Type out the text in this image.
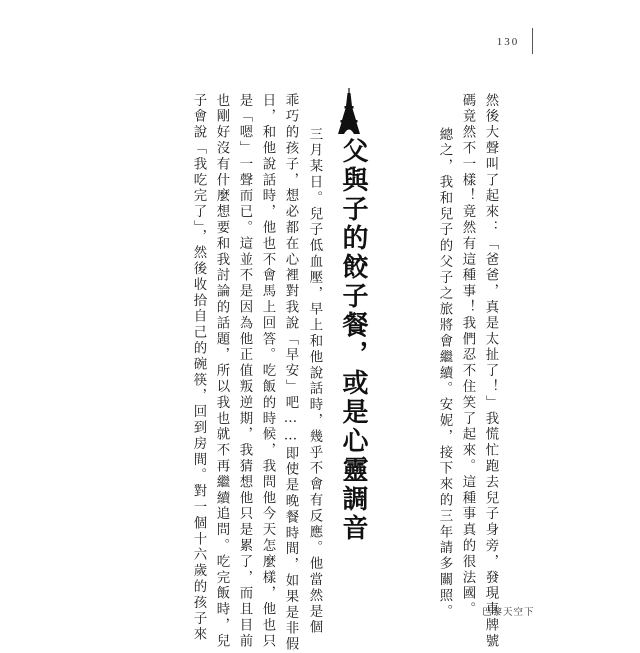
130
然後大聲叫了起來：「爸爸，真是太扯了！」我慌忙跑去兒子身旁，發現車牌號
碼竟然不一樣！竟然有這種事！我們忍不住笑了起來。這種事真的很法國。
總之，我和兒子的父子之旅將會繼續。安妮，接下來的三年請多關照。
父與子的餃子餐，或是心靈調音
三月某日。兒子低血壓，早上和他說話時，幾乎不會有反應。他當然是個
乖巧的孩子，想必都在心裡對我說「早安」吧……即使是晚餐時間，如果是非假
日，和他說話時，他也不會馬上回答。吃飯的時候，我問他今天怎麼樣，他也只
是「嗯」一聲而已。這並不是因為他正值叛逆期，我猜想他只是累了，而且目前
也剛好沒有什麼想要和我討論的話題，所以我也就不再繼續追問。吃完飯時，兒
子會說「我吃完了」，然後收拾自己的碗筷，回到房間。對一個十六歲的孩子來	巴黎天空下
